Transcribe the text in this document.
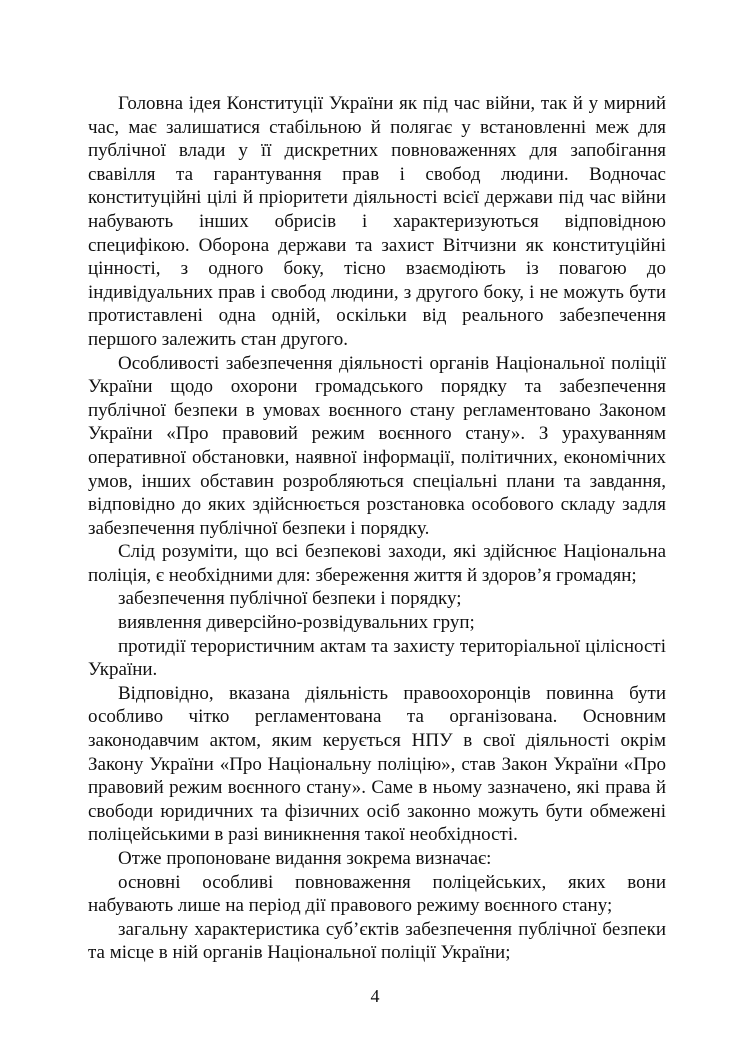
Головна ідея Конституції України як під час війни, так й у мирний час, має залишатися стабільною й полягає у встановленні меж для публічної влади у її дискретних повноваженнях для запобігання свавілля та гарантування прав і свобод людини. Водночас конституційні цілі й пріоритети діяльності всієї держави під час війни набувають інших обрисів і характеризуються відповідною специфікою. Оборона держави та захист Вітчизни як конституційні цінності, з одного боку, тісно взаємодіють із повагою до індивідуальних прав і свобод людини, з другого боку, і не можуть бути протиставлені одна одній, оскільки від реального забезпечення першого залежить стан другого.

Особливості забезпечення діяльності органів Національної поліції України щодо охорони громадського порядку та забезпечення публічної безпеки в умовах воєнного стану регламентовано Законом України «Про правовий режим воєнного стану». З урахуванням оперативної обстановки, наявної інформації, політичних, економічних умов, інших обставин розробляються спеціальні плани та завдання, відповідно до яких здійснюється розстановка особового складу задля забезпечення публічної безпеки і порядку.

Слід розуміти, що всі безпекові заходи, які здійснює Національна поліція, є необхідними для: збереження життя й здоров’я громадян;

забезпечення публічної безпеки і порядку;

виявлення диверсійно-розвідувальних груп;

протидії терористичним актам та захисту територіальної цілісності України.

Відповідно, вказана діяльність правоохоронців повинна бути особливо чітко регламентована та організована. Основним законодавчим актом, яким керується НПУ в свої діяльності окрім Закону України «Про Національну поліцію», став Закон України «Про правовий режим воєнного стану». Саме в ньому зазначено, які права й свободи юридичних та фізичних осіб законно можуть бути обмежені поліцейськими в разі виникнення такої необхідності.

Отже пропоноване видання зокрема визначає:

основні особливі повноваження поліцейських, яких вони набувають лише на період дії правового режиму воєнного стану;

загальну характеристика суб’єктів забезпечення публічної безпеки та місце в ній органів Національної поліції України;

4
